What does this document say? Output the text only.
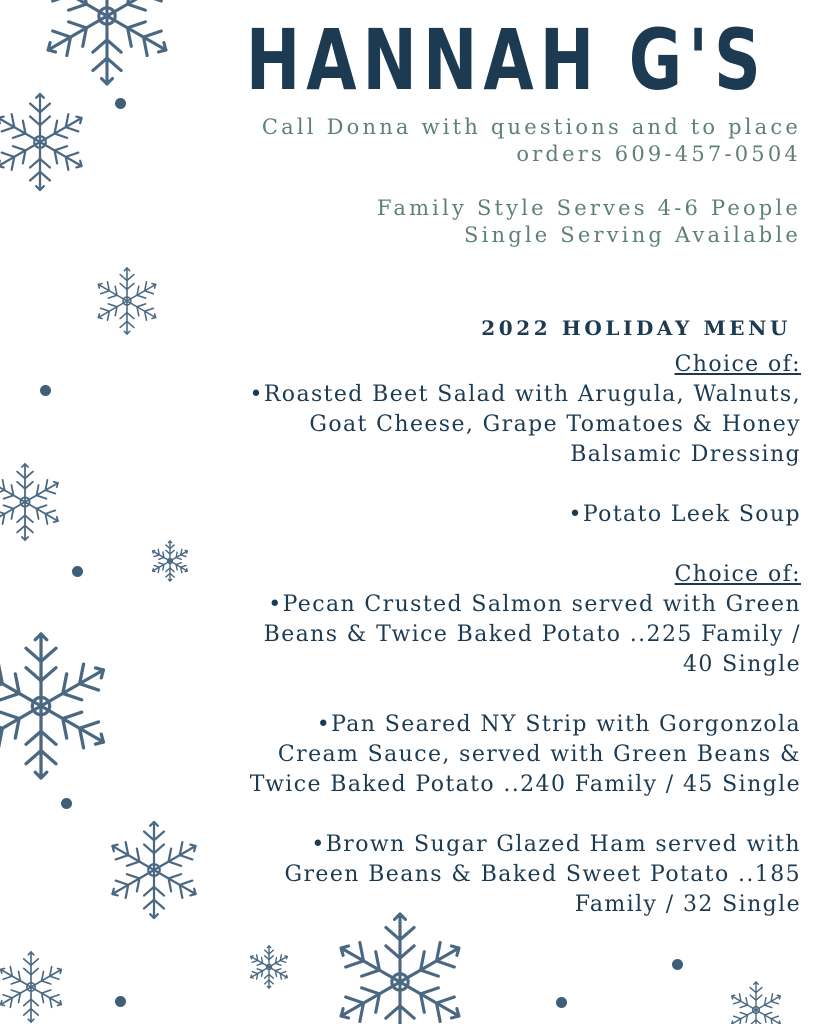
HANNAH G'S

Call Donna with questions and to place

orders 609-457-0504

Family Style Serves 4-6 People

Single Serving Available

2022 HOLIDAY MENU

Choice of:

•Roasted Beet Salad with Arugula, Walnuts,

Goat Cheese, Grape Tomatoes & Honey

Balsamic Dressing

•Potato Leek Soup

Choice of:

•Pecan Crusted Salmon served with Green

Beans & Twice Baked Potato ..225 Family /

40 Single

•Pan Seared NY Strip with Gorgonzola

Cream Sauce, served with Green Beans &

Twice Baked Potato ..240 Family / 45 Single

•Brown Sugar Glazed Ham served with

Green Beans & Baked Sweet Potato ..185

Family / 32 Single
